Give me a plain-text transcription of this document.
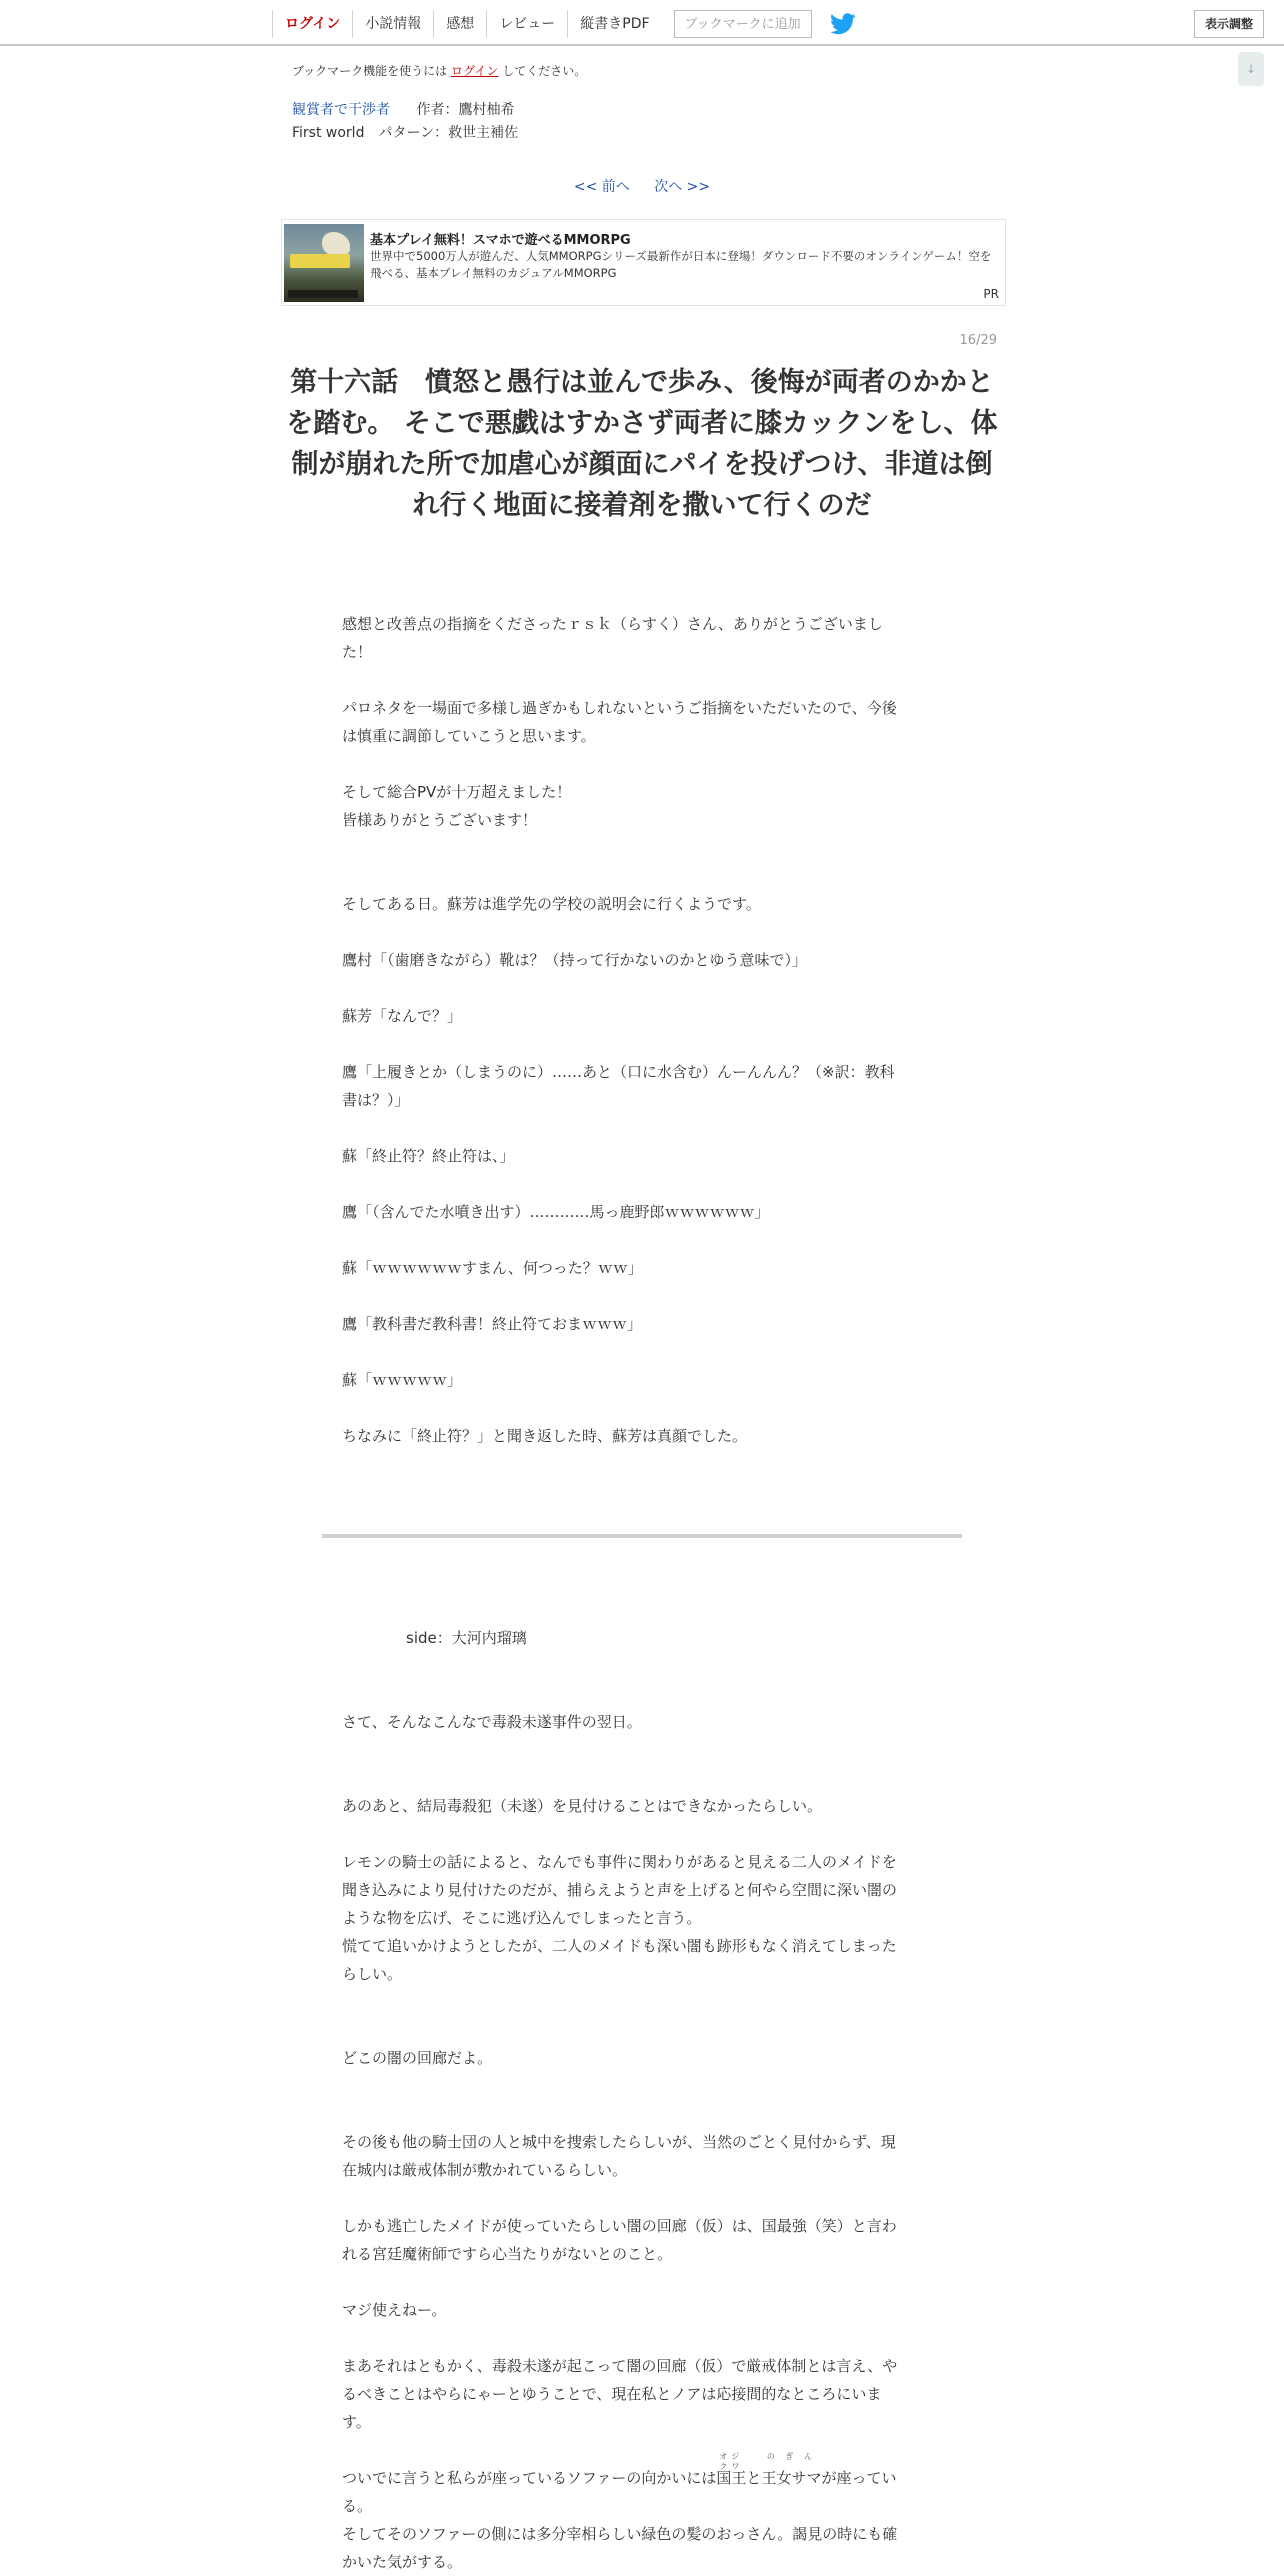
ログイン	小説情報	感想	レビュー	縦書きPDF	ブックマークに追加	表示調整
↓
ブックマーク機能を使うには ログイン してください。
観賞者で干渉者 作者：鷹村柚希
First world　パターン：救世主補佐
<< 前へ 次へ >>
基本プレイ無料！スマホで遊べるMMORPG
世界中で5000万人が遊んだ、人気MMORPGシリーズ最新作が日本に登場！ダウンロード不要のオンラインゲーム！空を飛べる、基本プレイ無料のカジュアルMMORPG
PR
16/29
第十六話　憤怒と愚行は並んで歩み、後悔が両者のかかと
を踏む。 そこで悪戯はすかさず両者に膝カックンをし、体
制が崩れた所で加虐心が顔面にパイを投げつけ、非道は倒
れ行く地面に接着剤を撒いて行くのだ
感想と改善点の指摘をくださったｒｓｋ（らすく）さん、ありがとうございまし
た！
パロネタを一場面で多様し過ぎかもしれないというご指摘をいただいたので、今後
は慎重に調節していこうと思います。
そして総合PVが十万超えました！
皆様ありがとうございます！
そしてある日。蘇芳は進学先の学校の説明会に行くようです。
鷹村「（歯磨きながら）靴は？（持って行かないのかとゆう意味で）」
蘇芳「なんで？」
鷹「上履きとか（しまうのに）……あと（口に水含む）んーんんん？（※訳：教科
書は？）」
蘇「終止符？終止符は、」
鷹「（含んでた水噴き出す）…………馬っ鹿野郎ｗｗｗｗｗｗ」
蘇「ｗｗｗｗｗｗすまん、何つった？ｗｗ」
鷹「教科書だ教科書！終止符ておまｗｗｗ」
蘇「ｗｗｗｗｗ」
ちなみに「終止符？」と聞き返した時、蘇芳は真顔でした。
side：大河内瑠璃
さて、そんなこんなで毒殺未遂事件の翌日。
あのあと、結局毒殺犯（未遂）を見付けることはできなかったらしい。
レモンの騎士の話によると、なんでも事件に関わりがあると見える二人のメイドを
聞き込みにより見付けたのだが、捕らえようと声を上げると何やら空間に深い闇の
ような物を広げ、そこに逃げ込んでしまったと言う。
慌てて追いかけようとしたが、二人のメイドも深い闇も跡形もなく消えてしまった
らしい。
どこの闇の回廊だよ。
その後も他の騎士団の人と城中を捜索したらしいが、当然のごとく見付からず、現
在城内は厳戒体制が敷かれているらしい。
しかも逃亡したメイドが使っていたらしい闇の回廊（仮）は、国最強（笑）と言わ
れる宮廷魔術師ですら心当たりがないとのこと。
マジ使えねー。
まあそれはともかく、毒殺未遂が起こって闇の回廊（仮）で厳戒体制とは言え、や
るべきことはやらにゃーとゆうことで、現在私とノアは応接間的なところにいま
す。
ついでに言うと私らが座っているソファーの向かいには
オジクワ
国王と
の ぎ ん
王女サマが座ってい
る。
そしてそのソファーの側には多分宰相らしい緑色の髪のおっさん。謁見の時にも確
かいた気がする。
